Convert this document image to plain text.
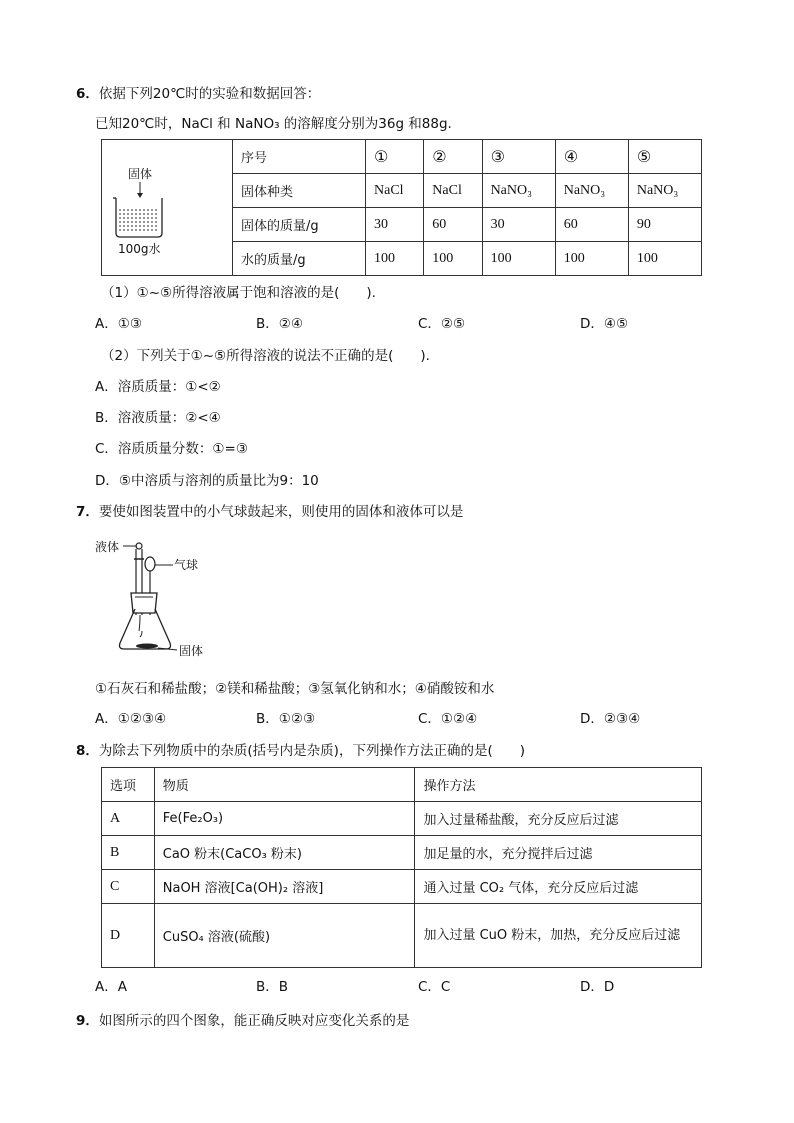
6．依据下列20℃时的实验和数据回答：
已知20℃时，NaCl 和 NaNO₃ 的溶解度分别为36g 和88g.
固体
100g水
序号	①	②	③	④	⑤
固体种类	NaCl	NaCl	NaNO₃	NaNO₃	NaNO₃
固体的质量/g	30	60	30	60	90
水的质量/g	100	100	100	100	100
（1）①~⑤所得溶液属于饱和溶液的是(　　).
A．①③	B．②④	C．②⑤	D．④⑤
（2）下列关于①~⑤所得溶液的说法不正确的是(　　).
A．溶质质量：①<②
B．溶液质量：②<④
C．溶质质量分数：①=③
D．⑤中溶质与溶剂的质量比为9：10
7．要使如图装置中的小气球鼓起来，则使用的固体和液体可以是
液体
气球
固体
①石灰石和稀盐酸；②镁和稀盐酸；③氢氧化钠和水；④硝酸铵和水
A．①②③④	B．①②③	C．①②④	D．②③④
8．为除去下列物质中的杂质(括号内是杂质)，下列操作方法正确的是(　　)
选项	物质	操作方法
A	Fe(Fe₂O₃)	加入过量稀盐酸，充分反应后过滤
B	CaO 粉末(CaCO₃ 粉末)	加足量的水，充分搅拌后过滤
C	NaOH 溶液[Ca(OH)₂ 溶液]	通入过量 CO₂ 气体，充分反应后过滤
D	CuSO₄ 溶液(硫酸)	加入过量 CuO 粉末，加热，充分反应后过滤
A．A	B．B	C．C	D．D
9．如图所示的四个图象，能正确反映对应变化关系的是
